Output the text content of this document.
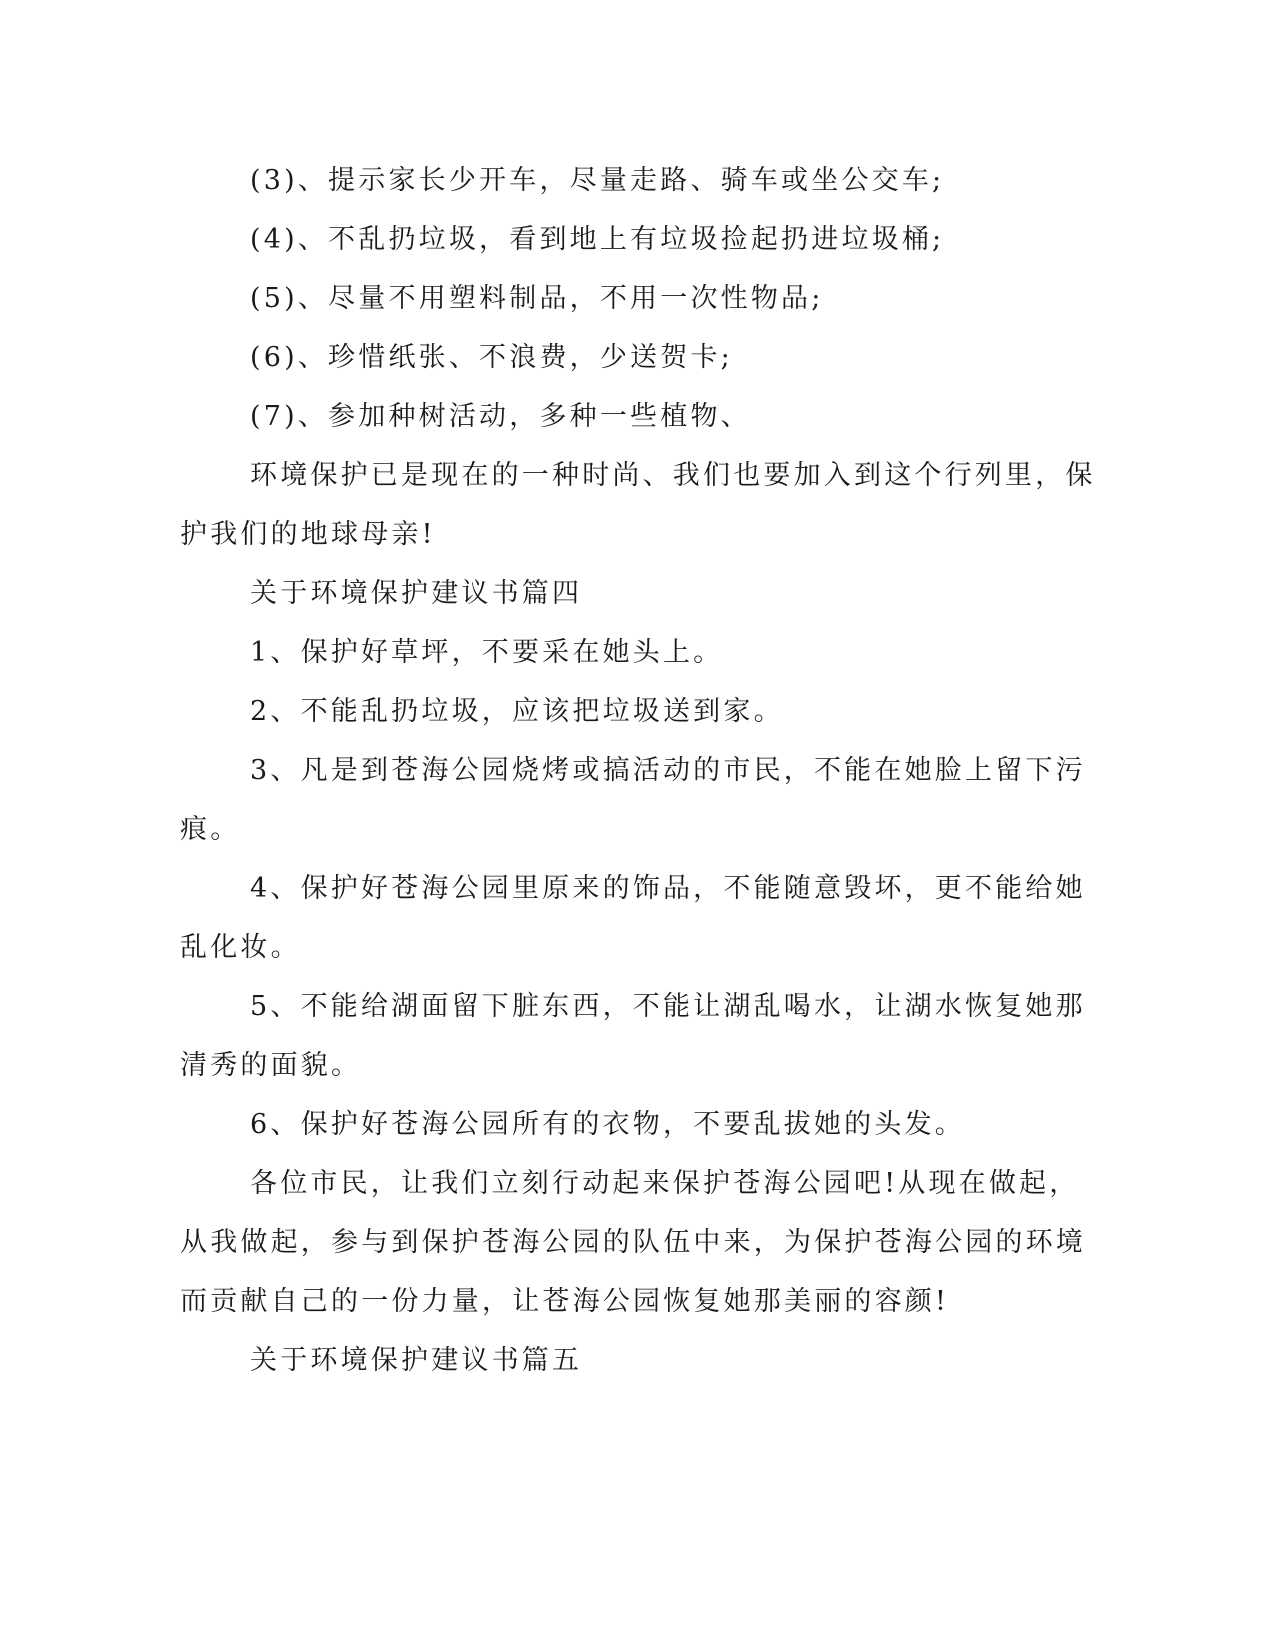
(3)、提示家长少开车，尽量走路、骑车或坐公交车;
(4)、不乱扔垃圾，看到地上有垃圾捡起扔进垃圾桶;
(5)、尽量不用塑料制品，不用一次性物品;
(6)、珍惜纸张、不浪费，少送贺卡;
(7)、参加种树活动，多种一些植物、
环境保护已是现在的一种时尚、我们也要加入到这个行列里，保
护我们的地球母亲!
关于环境保护建议书篇四
1、保护好草坪，不要采在她头上。
2、不能乱扔垃圾，应该把垃圾送到家。
3、凡是到苍海公园烧烤或搞活动的市民，不能在她脸上留下污
痕。
4、保护好苍海公园里原来的饰品，不能随意毁坏，更不能给她
乱化妆。
5、不能给湖面留下脏东西，不能让湖乱喝水，让湖水恢复她那
清秀的面貌。
6、保护好苍海公园所有的衣物，不要乱拔她的头发。
各位市民，让我们立刻行动起来保护苍海公园吧!从现在做起，
从我做起，参与到保护苍海公园的队伍中来，为保护苍海公园的环境
而贡献自己的一份力量，让苍海公园恢复她那美丽的容颜!
关于环境保护建议书篇五
